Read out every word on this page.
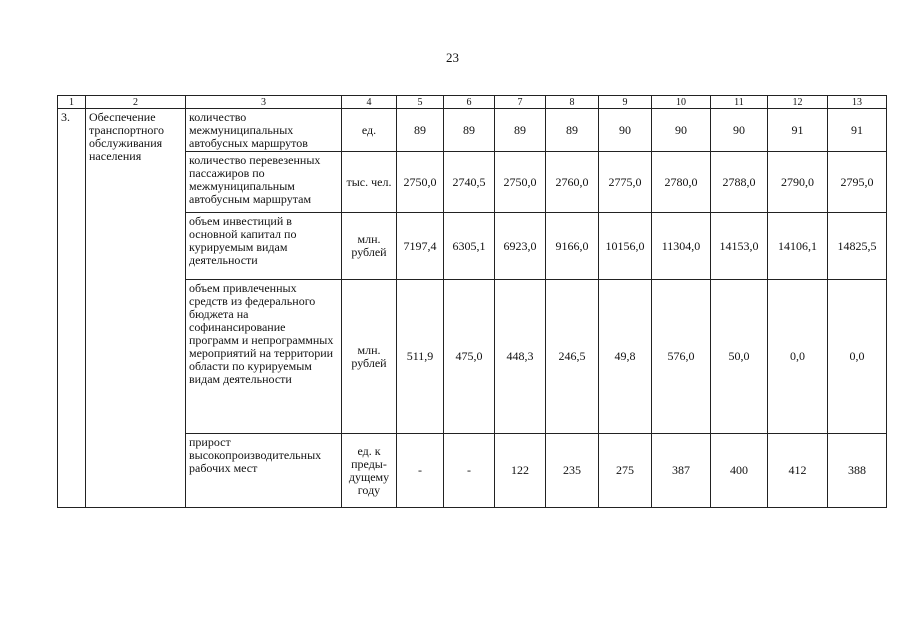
23
1	2	3	4	5	6	7	8	9	10	11	12	13
3.	Обеспечение транспортного обслуживания населения	количество межмуниципальных автобусных маршрутов	ед.	89	89	89	89	90	90	90	91	91
		количество перевезенных пассажиров по межмуниципальным автобусным маршрутам	тыс. чел.	2750,0	2740,5	2750,0	2760,0	2775,0	2780,0	2788,0	2790,0	2795,0
		объем инвестиций в основной капитал по курируемым видам деятельности	млн. рублей	7197,4	6305,1	6923,0	9166,0	10156,0	11304,0	14153,0	14106,1	14825,5
		объем привлеченных средств из федерального бюджета на софинансирование программ и непрограммных мероприятий на территории области по курируемым видам деятельности	млн. рублей	511,9	475,0	448,3	246,5	49,8	576,0	50,0	0,0	0,0
		прирост высокопроизводительных рабочих мест	ед. к преды-дущему году	-	-	122	235	275	387	400	412	388
